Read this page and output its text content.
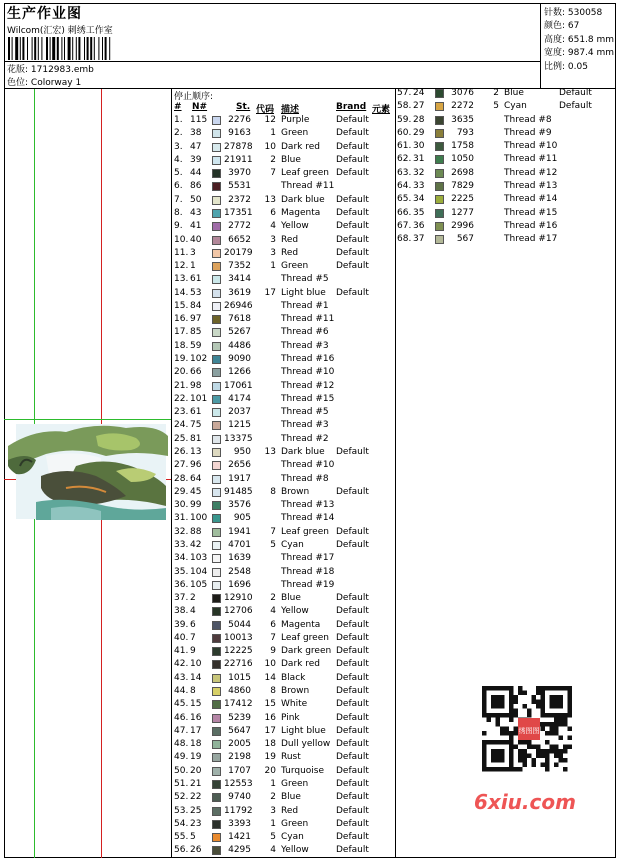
生产作业图
Wilcom(汇宏) 刺绣工作室
花版: 1712983.emb
色位: Colorway 1
针数: 530058
颜色: 67
高度: 651.8 mm
宽度: 987.4 mm
比例: 0.05
停止顺序:
# N#	St. 代码 描述	Brand 元素
1. 115	2276	12 Purple	Default
2. 38	9163	1 Green	Default
3. 47	27878	10 Dark red Default
4. 39	21911	2 Blue	Default
5. 44	3970	7 Leaf green Default
6. 86	5531	Thread #11
7. 50	2372	13 Dark blue Default
8. 43	17351	6 Magenta Default
9. 41	2772	4 Yellow	Default
10. 40	6652	3 Red	Default
11. 3	20179	3 Red	Default
12. 1	7352	1 Green	Default
13. 61	3414	Thread #5
14. 53	3619	17 Light blue Default
15. 84	26946	Thread #1
16. 97	7618	Thread #11
17. 85	5267	Thread #6
18. 59	4486	Thread #3
19. 102	9090	Thread #16
20. 66	1266	Thread #10
21. 98	17061	Thread #12
22. 101	4174	Thread #15
23. 61	2037	Thread #5
24. 75	1215	Thread #3
25. 81	13375	Thread #2
26. 13	950	13 Dark blue Default
27. 96	2656	Thread #10
28. 64	1917	Thread #8
29. 45	91485	8 Brown	Default
30. 99	3576	Thread #13
31. 100	905	Thread #14
32. 88	1941	7 Leaf green Default
33. 42	4701	5 Cyan	Default
34. 103	1639	Thread #17
35. 104	2548	Thread #18
36. 105	1696	Thread #19
37. 2	12910	2 Blue	Default
38. 4	12706	4 Yellow	Default
39. 6	5044	6 Magenta Default
40. 7	10013	7 Leaf green Default
41. 9	12225	9 Dark green Default
42. 10	22716	10 Dark red Default
43. 14	1015	14 Black	Default
44. 8	4860	8 Brown	Default
45. 15	17412	15 White	Default
46. 16	5239	16 Pink	Default
47. 17	5647	17 Light blue Default
48. 18	2005	18 Dull yellow Default
49. 19	2198	19 Rust	Default
50. 20	1707	20 Turquoise Default
51. 21	12553	1 Green	Default
52. 22	9740	2 Blue	Default
53. 25	11792	3 Red	Default
54. 23	3393	1 Green	Default
55. 5	1421	5 Cyan	Default
56. 26	4295	4 Yellow	Default
57. 24	3076	2 Blue	Default
58. 27	2272	5 Cyan	Default
59. 28	3635	Thread #8
60. 29	793	Thread #9
61. 30	1758	Thread #10
62. 31	1050	Thread #11
63. 32	2698	Thread #12
64. 33	7829	Thread #13
65. 34	2225	Thread #14
66. 35	1277	Thread #15
67. 36	2996	Thread #16
68. 37	567	Thread #17
绣图图
6xiu.com
